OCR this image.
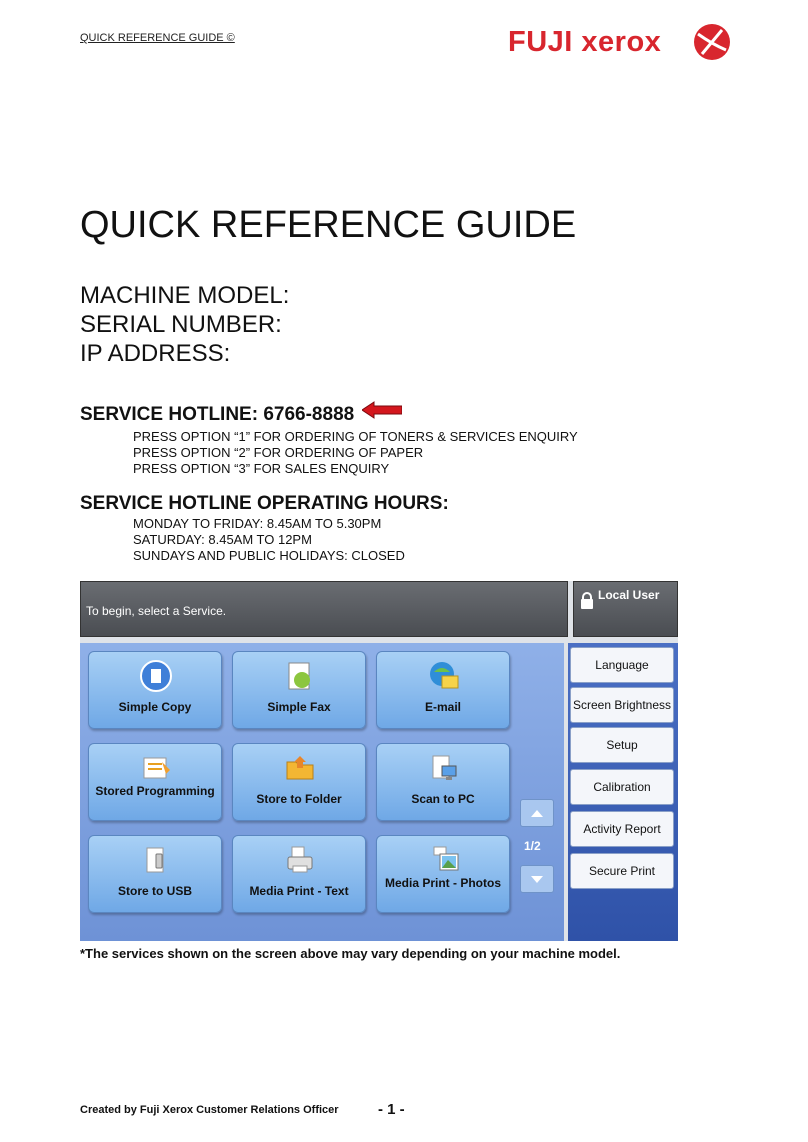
QUICK REFERENCE GUIDE ©	FUJI xerox
QUICK REFERENCE GUIDE
MACHINE MODEL:
SERIAL NUMBER:
IP ADDRESS:
SERVICE HOTLINE: 6766-8888
PRESS OPTION “1” FOR ORDERING OF TONERS & SERVICES ENQUIRY
PRESS OPTION “2” FOR ORDERING OF PAPER
PRESS OPTION “3” FOR SALES ENQUIRY
SERVICE HOTLINE OPERATING HOURS:
MONDAY TO FRIDAY: 8.45AM TO 5.30PM
SATURDAY: 8.45AM TO 12PM
SUNDAYS AND PUBLIC HOLIDAYS: CLOSED
To begin, select a Service.
Local User
Simple Copy	Simple Fax	E-mail
Stored Programming
Store to Folder	Scan to PC
Store to USB	Media Print - Text
Media Print - Photos
1/2
Language
Screen Brightness
Setup
Calibration
Activity Report
Secure Print
*The services shown on the screen above may vary depending on your machine model.
Created by Fuji Xerox Customer Relations Officer	- 1 -
